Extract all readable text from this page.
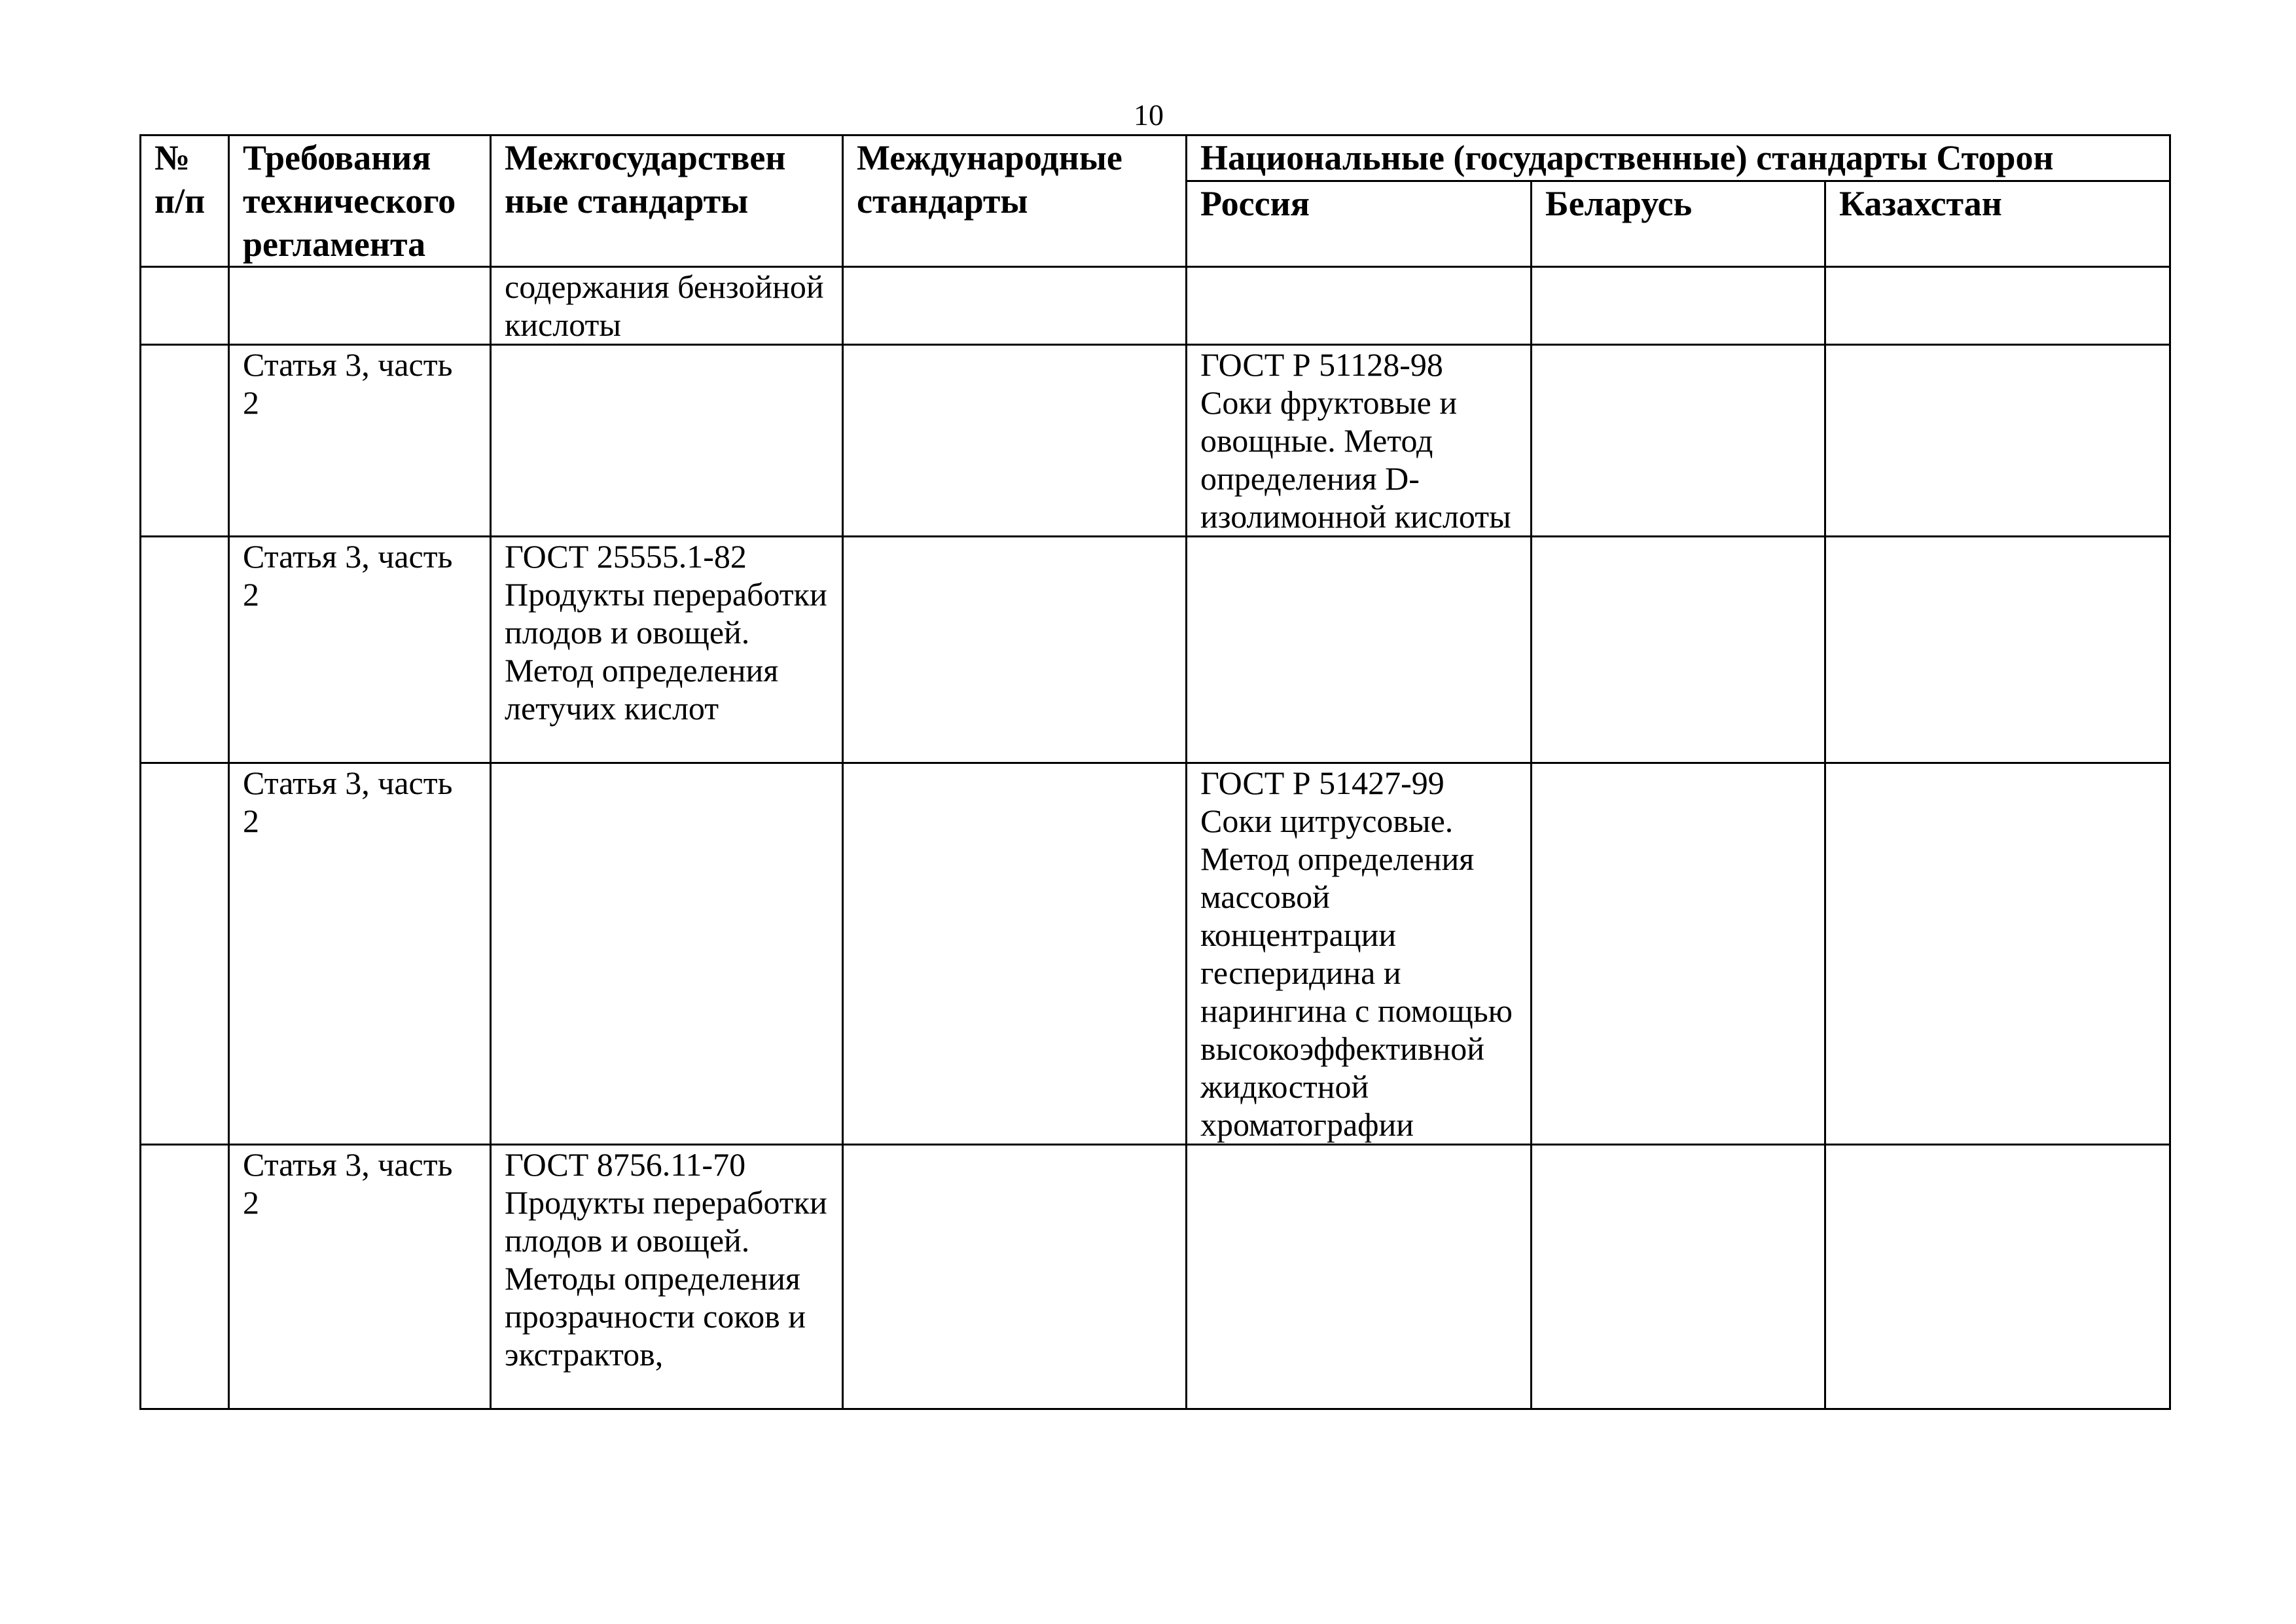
10
№ п/п	Требования технического регламента	Межгосударствен ные стандарты	Международные стандарты	Национальные (государственные) стандарты Сторон		
				Россия	Беларусь	Казахстан
		содержания бензойной кислоты				
	Статья 3, часть 2			ГОСТ Р 51128-98 Соки фруктовые и овощные. Метод определения D-изолимонной кислоты		
	Статья 3, часть 2	ГОСТ 25555.1-82 Продукты переработки плодов и овощей. Метод определения летучих кислот				
	Статья 3, часть 2			ГОСТ Р 51427-99 Соки цитрусовые. Метод определения массовой концентрации гесперидина и нарингина с помощью высокоэффективной жидкостной хроматографии		
	Статья 3, часть 2	ГОСТ 8756.11-70 Продукты переработки плодов и овощей. Методы определения прозрачности соков и экстрактов,				
